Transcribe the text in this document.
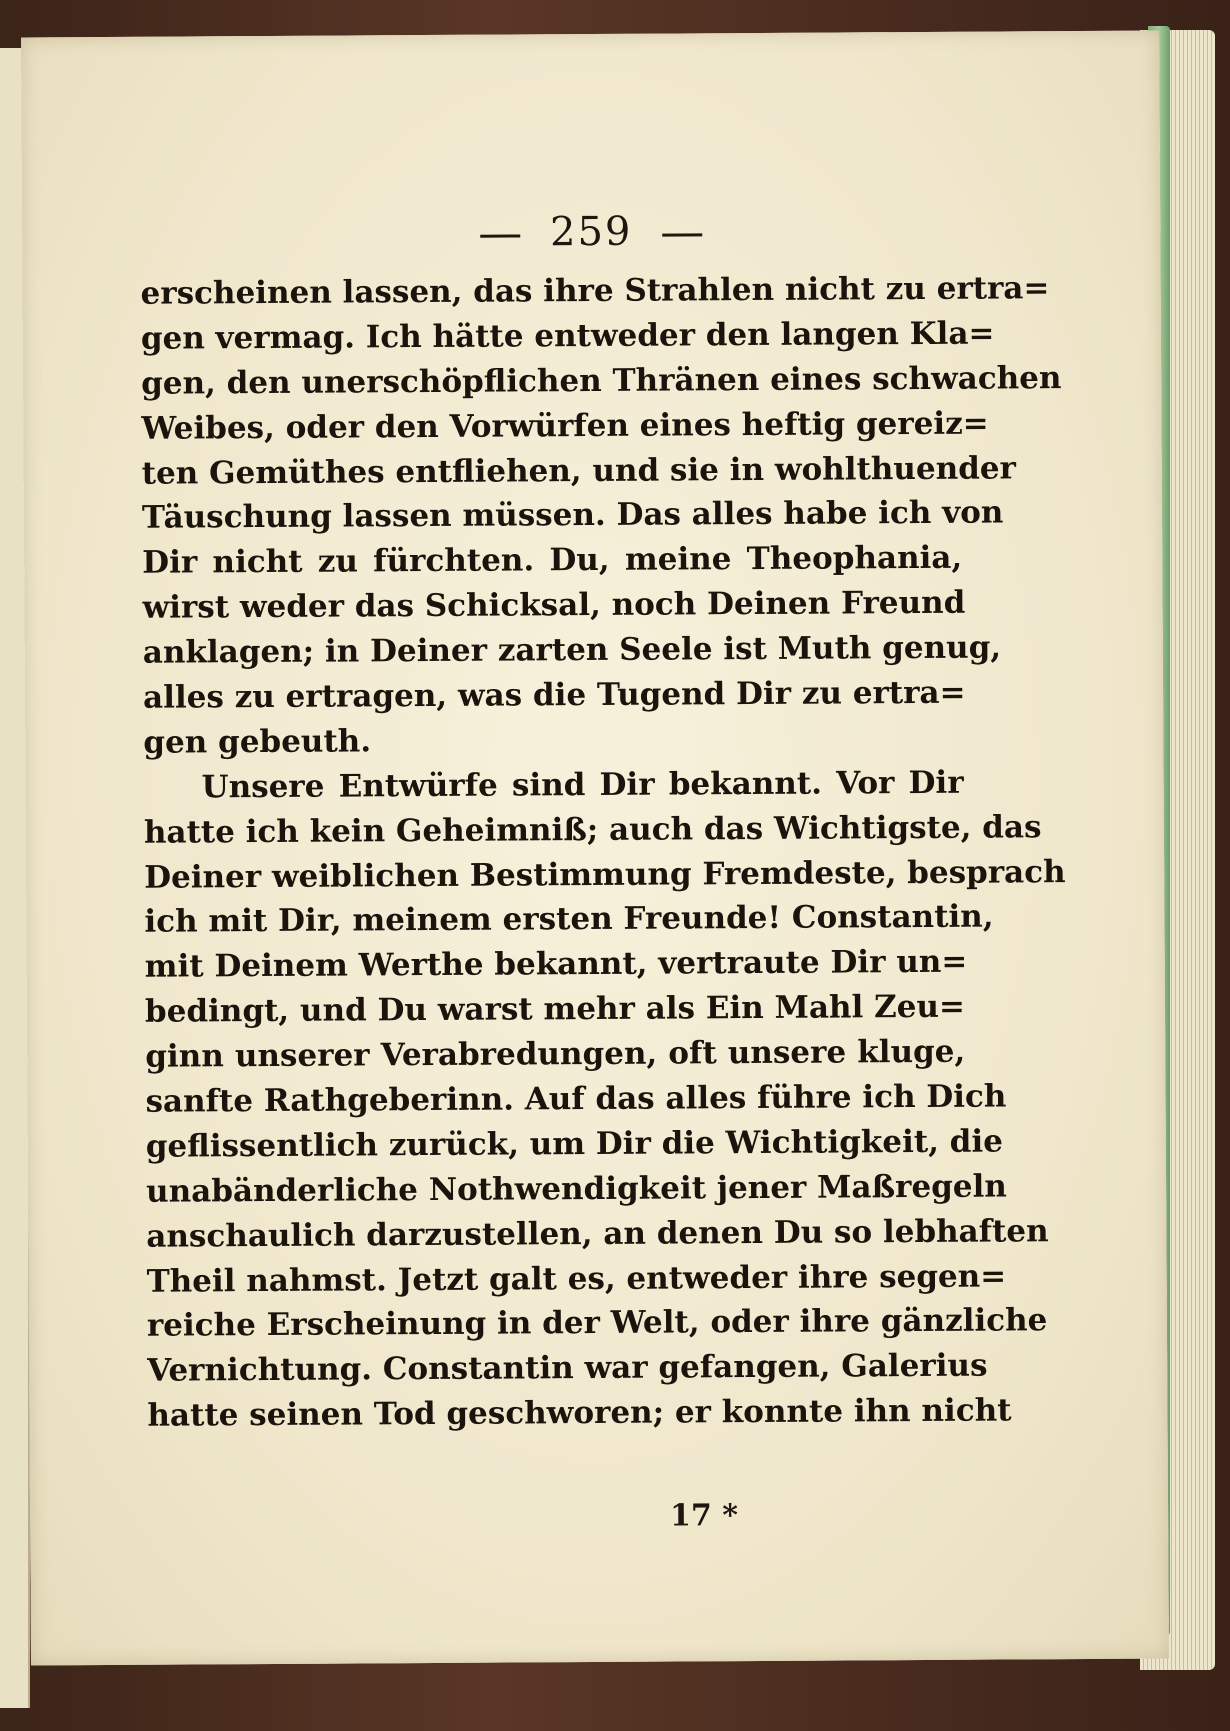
259
erscheinen lassen, das ihre Strahlen nicht zu ertra=
gen vermag. Ich hätte entweder den langen Kla=
gen, den unerschöpflichen Thränen eines schwachen
Weibes, oder den Vorwürfen eines heftig gereiz=
ten Gemüthes entfliehen, und sie in wohlthuender
Täuschung lassen müssen. Das alles habe ich von
Dir nicht zu fürchten. Du, meine Theophania,
wirst weder das Schicksal, noch Deinen Freund
anklagen; in Deiner zarten Seele ist Muth genug,
alles zu ertragen, was die Tugend Dir zu ertra=
gen gebeuth.
Unsere Entwürfe sind Dir bekannt. Vor Dir
hatte ich kein Geheimniß; auch das Wichtigste, das
Deiner weiblichen Bestimmung Fremdeste, besprach
ich mit Dir, meinem ersten Freunde! Constantin,
mit Deinem Werthe bekannt, vertraute Dir un=
bedingt, und Du warst mehr als Ein Mahl Zeu=
ginn unserer Verabredungen, oft unsere kluge,
sanfte Rathgeberinn. Auf das alles führe ich Dich
geflissentlich zurück, um Dir die Wichtigkeit, die
unabänderliche Nothwendigkeit jener Maßregeln
anschaulich darzustellen, an denen Du so lebhaften
Theil nahmst. Jetzt galt es, entweder ihre segen=
reiche Erscheinung in der Welt, oder ihre gänzliche
Vernichtung. Constantin war gefangen, Galerius
hatte seinen Tod geschworen; er konnte ihn nicht
17 *
